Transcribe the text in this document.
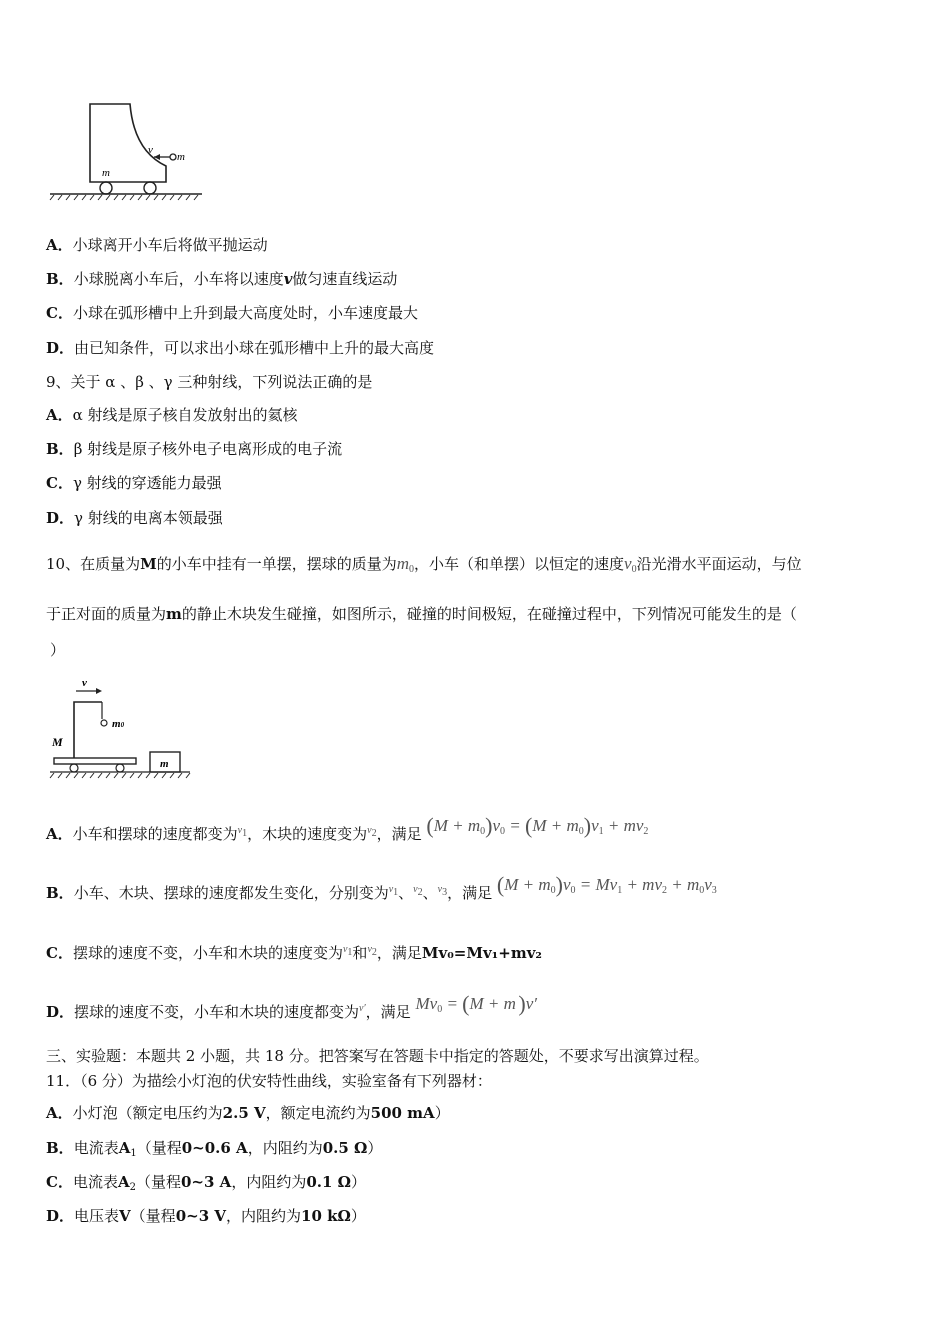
v
m
m
A．小球离开小车后将做平抛运动
B．小球脱离小车后，小车将以速度v做匀速直线运动
C．小球在弧形槽中上升到最大高度处时，小车速度最大
D．由已知条件，可以求出小球在弧形槽中上升的最大高度
9、关于 α 、β 、γ 三种射线，下列说法正确的是
A．α 射线是原子核自发放射出的氦核
B．β 射线是原子核外电子电离形成的电子流
C．γ 射线的穿透能力最强
D．γ 射线的电离本领最强
10、在质量为M的小车中挂有一单摆，摆球的质量为$m_0$，小车（和单摆）以恒定的速度$v_0$沿光滑水平面运动，与位
于正对面的质量为m的静止木块发生碰撞，如图所示，碰撞的时间极短，在碰撞过程中，下列情况可能发生的是（
）
v
m0
M
m
A．小车和摆球的速度都变为$^{v1}$，木块的速度变为$^{v2}$，满足 $(M + m_0)v_0 = (M + m_0)v_1 + mv_2$
B．小车、木块、摆球的速度都发生变化，分别变为$^{v1}$、$^{v2}$、$^{v3}$，满足 $(M + m_0)v_0 = Mv_1 + mv_2 + m_0v_3$
C．摆球的速度不变，小车和木块的速度变为$^{v1}$和$^{v2}$，满足Mv₀=Mv₁+mv₂
D．摆球的速度不变，小车和木块的速度都变为$^{v'}$，满足 $Mv_0 = (M + m$ )v′
三、实验题：本题共 2 小题，共 18 分。把答案写在答题卡中指定的答题处，不要求写出演算过程。
11．（6 分）为描绘小灯泡的伏安特性曲线，实验室备有下列器材：
A．小灯泡（额定电压约为2.5 V，额定电流约为500 mA）
B．电流表$A_1$（量程0~0.6 A，内阻约为0.5 Ω）
C．电流表$A_2$（量程0~3 A，内阻约为0.1 Ω）
D．电压表V（量程0~3 V，内阻约为10 kΩ）
